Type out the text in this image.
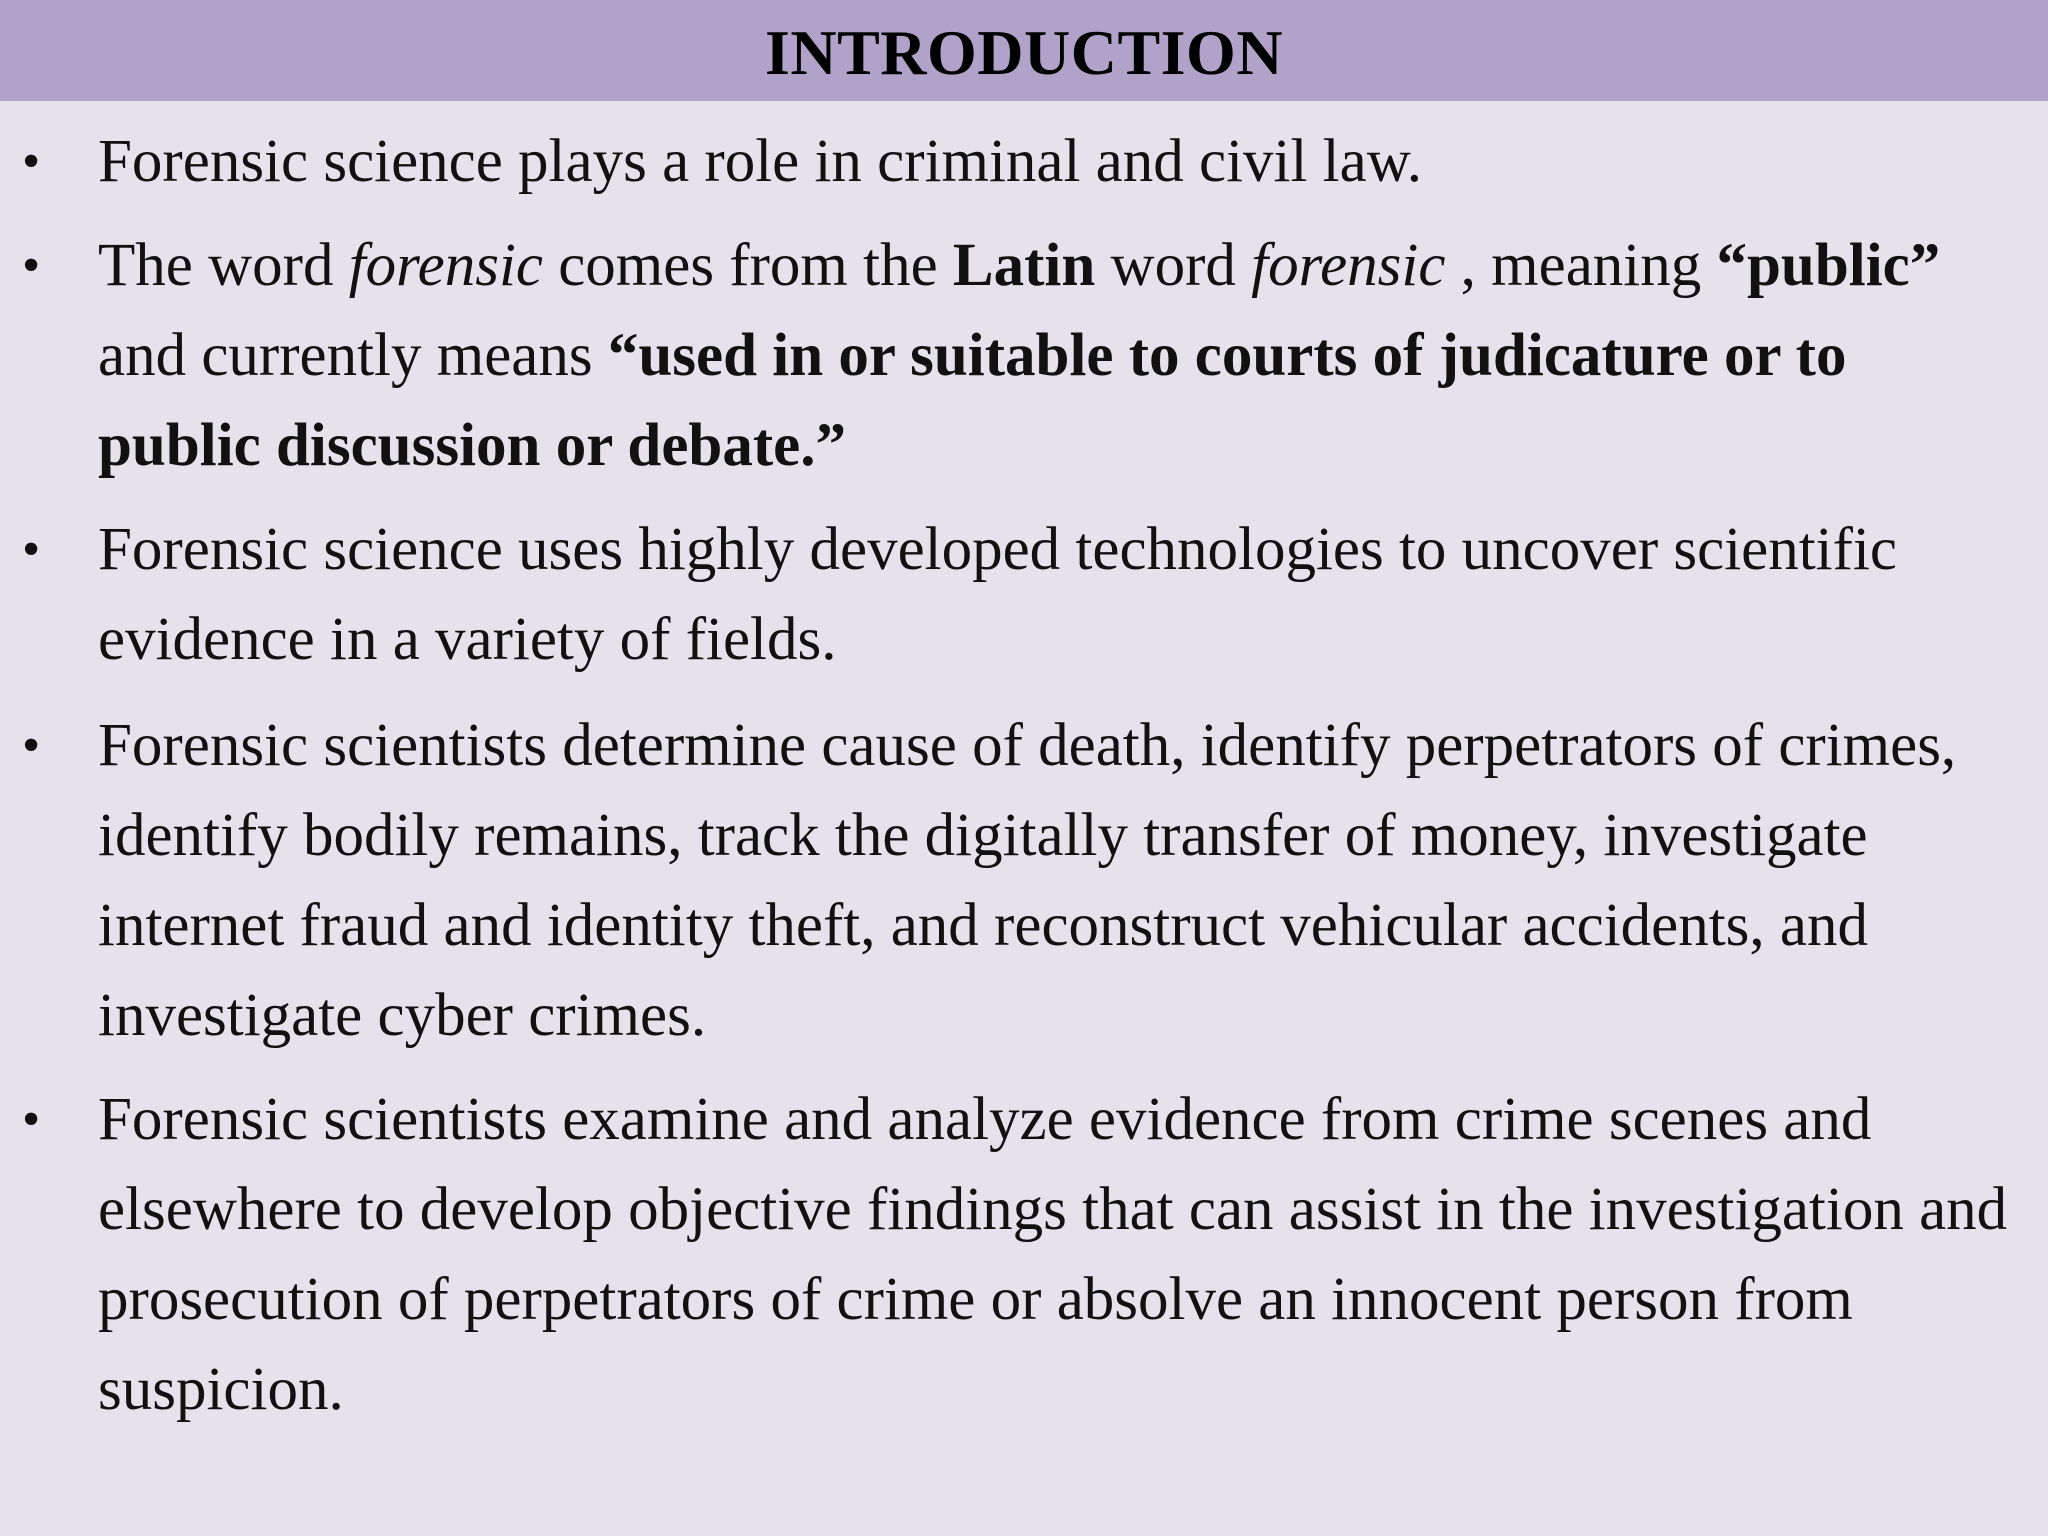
INTRODUCTION
• Forensic science plays a role in criminal and civil law.
• The word forensic comes from the Latin word forensic , meaning “public” and currently means “used in or suitable to courts of judicature or to public discussion or debate.”
• Forensic science uses highly developed technologies to uncover scientific evidence in a variety of fields.
• Forensic scientists determine cause of death, identify perpetrators of crimes, identify bodily remains, track the digitally transfer of money, investigate internet fraud and identity theft, and reconstruct vehicular accidents, and investigate cyber crimes.
• Forensic scientists examine and analyze evidence from crime scenes and elsewhere to develop objective findings that can assist in the investigation and prosecution of perpetrators of crime or absolve an innocent person from suspicion.
